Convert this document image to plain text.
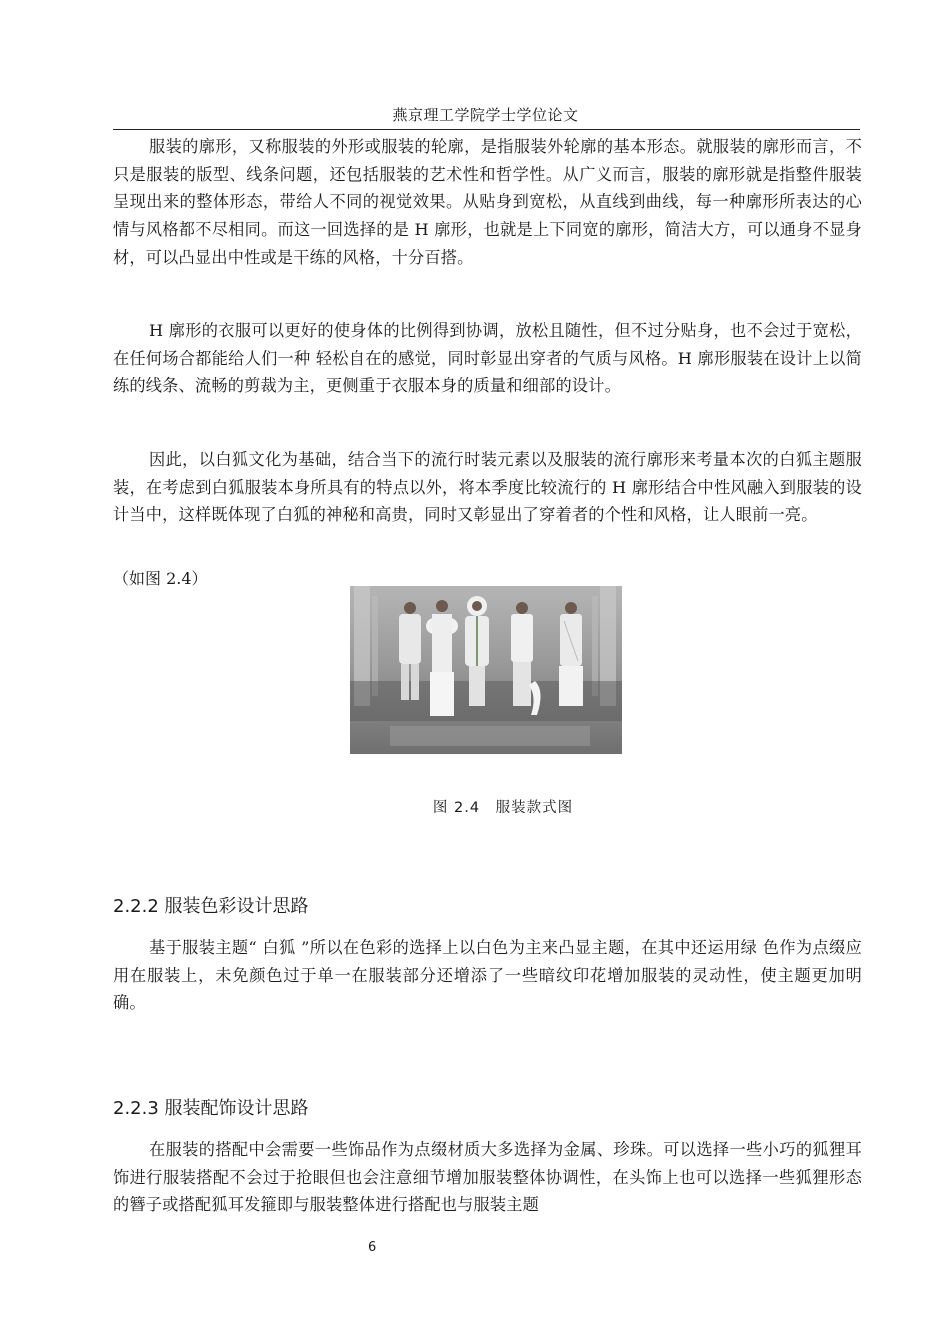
燕京理工学院学士学位论文

服装的廓形，又称服装的外形或服装的轮廓，是指服装外轮廓的基本形态。就服装的廓形而言，不只是服装的版型、线条问题，还包括服装的艺术性和哲学性。从广义而言，服装的廓形就是指整件服装呈现出来的整体形态，带给人不同的视觉效果。从贴身到宽松，从直线到曲线，每一种廓形所表达的心情与风格都不尽相同。而这一回选择的是 H 廓形，也就是上下同宽的廓形，简洁大方，可以通身不显身材，可以凸显出中性或是干练的风格，十分百搭。

H 廓形的衣服可以更好的使身体的比例得到协调，放松且随性，但不过分贴身，也不会过于宽松，在任何场合都能给人们一种 轻松自在的感觉，同时彰显出穿者的气质与风格。H 廓形服装在设计上以简练的线条、流畅的剪裁为主，更侧重于衣服本身的质量和细部的设计。

因此，以白狐文化为基础，结合当下的流行时装元素以及服装的流行廓形来考量本次的白狐主题服装，在考虑到白狐服装本身所具有的特点以外，将本季度比较流行的 H 廓形结合中性风融入到服装的设计当中，这样既体现了白狐的神秘和高贵，同时又彰显出了穿着者的个性和风格，让人眼前一亮。

（如图 2.4）
图 2.4　服装款式图
2.2.2 服装色彩设计思路

基于服装主题“ 白狐 ”所以在色彩的选择上以白色为主来凸显主题，在其中还运用绿 色作为点缀应用在服装上，未免颜色过于单一在服装部分还增添了一些暗纹印花增加服装的灵动性，使主题更加明确。

2.2.3 服装配饰设计思路

在服装的搭配中会需要一些饰品作为点缀材质大多选择为金属、珍珠。可以选择一些小巧的狐狸耳饰进行服装搭配不会过于抢眼但也会注意细节增加服装整体协调性，在头饰上也可以选择一些狐狸形态的簪子或搭配狐耳发箍即与服装整体进行搭配也与服装主题

6
